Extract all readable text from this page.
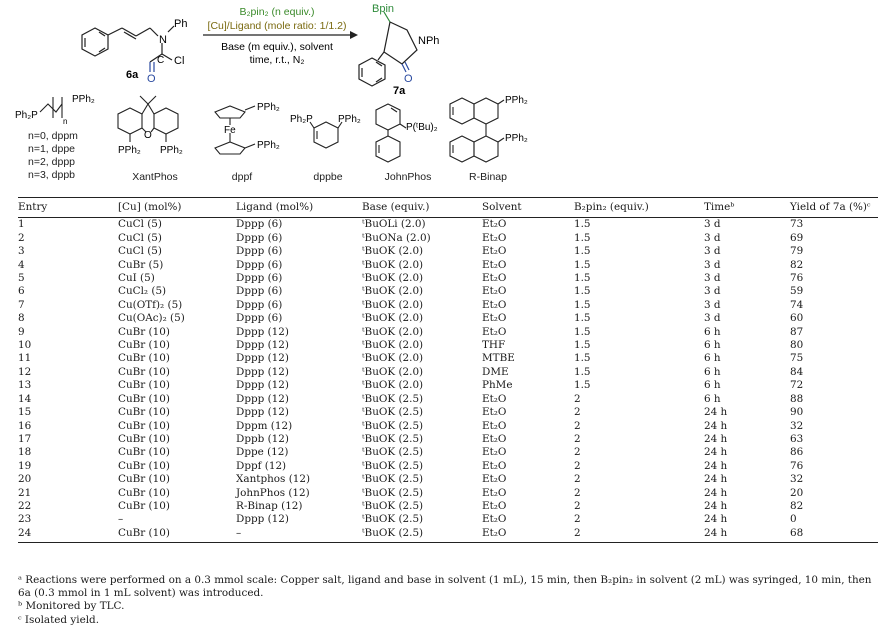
N
Ph
C
O
Cl
6a
B₂pin₂ (n equiv.)
[Cu]/Ligand (mole ratio: 1/1.2)
Base (m equiv.), solvent
time, r.t., N₂
Bpin
NPh
O
7a
Ph₂P
PPh₂
n
n=0, dppm
n=1, dppe
n=2, dppp
n=3, dppb
O
PPh₂ PPh₂
XantPhos
Fe
PPh₂
PPh₂
dppf
Ph₂P	PPh₂
dppbe
P(ᵗBu)₂
JohnPhos
PPh₂
PPh₂
R-Binap
Entry	[Cu] (mol%)	Ligand (mol%)	Base (equiv.)	Solvent	B₂pin₂ (equiv.)	Timeᵇ	Yield of 7a (%)ᶜ
1	CuCl (5)	Dppp (6)	ᵗBuOLi (2.0)	Et₂O	1.5	3 d	73
2	CuCl (5)	Dppp (6)	ᵗBuONa (2.0)	Et₂O	1.5	3 d	69
3	CuCl (5)	Dppp (6)	ᵗBuOK (2.0)	Et₂O	1.5	3 d	79
4	CuBr (5)	Dppp (6)	ᵗBuOK (2.0)	Et₂O	1.5	3 d	82
5	CuI (5)	Dppp (6)	ᵗBuOK (2.0)	Et₂O	1.5	3 d	76
6	CuCl₂ (5)	Dppp (6)	ᵗBuOK (2.0)	Et₂O	1.5	3 d	59
7	Cu(OTf)₂ (5)	Dppp (6)	ᵗBuOK (2.0)	Et₂O	1.5	3 d	74
8	Cu(OAc)₂ (5)	Dppp (6)	ᵗBuOK (2.0)	Et₂O	1.5	3 d	60
9	CuBr (10)	Dppp (12)	ᵗBuOK (2.0)	Et₂O	1.5	6 h	87
10	CuBr (10)	Dppp (12)	ᵗBuOK (2.0)	THF	1.5	6 h	80
11	CuBr (10)	Dppp (12)	ᵗBuOK (2.0)	MTBE	1.5	6 h	75
12	CuBr (10)	Dppp (12)	ᵗBuOK (2.0)	DME	1.5	6 h	84
13	CuBr (10)	Dppp (12)	ᵗBuOK (2.0)	PhMe	1.5	6 h	72
14	CuBr (10)	Dppp (12)	ᵗBuOK (2.5)	Et₂O	2	6 h	88
15	CuBr (10)	Dppp (12)	ᵗBuOK (2.5)	Et₂O	2	24 h	90
16	CuBr (10)	Dppm (12)	ᵗBuOK (2.5)	Et₂O	2	24 h	32
17	CuBr (10)	Dppb (12)	ᵗBuOK (2.5)	Et₂O	2	24 h	63
18	CuBr (10)	Dppe (12)	ᵗBuOK (2.5)	Et₂O	2	24 h	86
19	CuBr (10)	Dppf (12)	ᵗBuOK (2.5)	Et₂O	2	24 h	76
20	CuBr (10)	Xantphos (12)	ᵗBuOK (2.5)	Et₂O	2	24 h	32
21	CuBr (10)	JohnPhos (12)	ᵗBuOK (2.5)	Et₂O	2	24 h	20
22	CuBr (10)	R-Binap (12)	ᵗBuOK (2.5)	Et₂O	2	24 h	82
23	–	Dppp (12)	ᵗBuOK (2.5)	Et₂O	2	24 h	0
24	CuBr (10)	–	ᵗBuOK (2.5)	Et₂O	2	24 h	68

ᵃ Reactions were performed on a 0.3 mmol scale: Copper salt, ligand and base in solvent (1 mL), 15 min, then B₂pin₂ in solvent (2 mL) was syringed, 10 min, then 6a (0.3 mmol in 1 mL solvent) was introduced.

ᵇ Monitored by TLC.

ᶜ Isolated yield.
